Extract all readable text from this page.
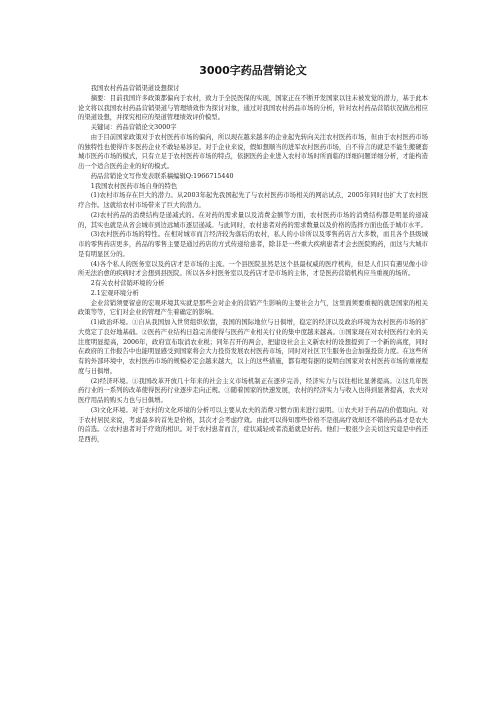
3000字药品营销论文

我国农村药品营销渠道设想探讨

摘要：目前我国许多政策都偏向于农村，致力于全民医保的实现，国家正在不断开发国家以往未被发觉的潜力，基于此本论文将以我国农村药品营销渠道与管理绩效作为探讨对象，通过对我国农村药品市场的分析，针对农村药品营销状况做出相应的渠道设想，并探究相应的渠道管理绩效评价模型。

关键词：药品营销论文3000字

由于目前国家政策对于农村医药市场的偏向，所以现在越来越多的企业起先转向关注农村医药市场，但由于农村医药市场的独特性也使得许多医药企业不敢轻易涉足。对于企业来说，假如想顺当的进军农村医药市场，自不待言的就是不能生搬硬套城市医药市场的模式，只有立足于农村医药市场的特点，依据医药企业进入农村市场时所面临的详细问题详细分析，才能构造出一个适合医药企业的好的模式。

药品营销论文写作发表联系稿编辑Q:1966715440

1我国农村医药市场自身的特色

(1)农村市场存在巨大的潜力。从2003年起先我国起先了与农村医药市场相关的网站试点，2005年同时也扩大了农村医疗合作。这就给农村市场带来了巨大的潜力。

(2)农村药品的消费结构是递减式的。在对药的需求量以及消费金额等方面，农村医药市场的消费结构都是明显的递减的，其实也就是从省会城市到边远城市逐层递减。与此同时，农村患者对药的需求数量以及价格的选择方面也低于城市水平。

(3)农村医药市场的特性。在相对城市而言经济较为落后的农村，私人的小诊所以及零售药店占大多数，而且各个县级城市的零售药店更多，药品的零售主要是通过药店的方式传递给患者，除非是一些重大疾病患者才会去医院购药，而这与大城市是有明显区分的。

(4)各个私人的医务室以及药店才是市场的主流。一个县医院虽然是这个县最权威的医疗机构，但是人们只有遇见像小诊所无法治愈的疾病时才会想到县医院。所以各乡村医务室以及药店才是市场的主体，才是医药营销机构应当重视的场所。

2有关农村营销环境的分析

2.1宏观环境分析

企业营销须要留意的宏观环境其实就是那些会对企业的营销产生影响的主要社会力气，这里面须要重视的就是国家的相关政策等等，它们对企业的管理产生着确定的影响。

(1)政治环境。①自从我国加入世贸组织依靠，我国的国际地位与日俱增，稳定的经济以及政治环境为农村医药市场的扩大奠定了良好地基础。②医药产业结构日趋完善使得与医药产业相关行业的集中度越来越高。③国家现在对农村医药行业的关注度明显提高，2006年，政府宣布取消农业税；同年召开的两会，把建设社会主义新农村的设想提到了一个新的高度，同时在政府的工作报告中也能明显感受到国家将会大力投资发展农村医药市场，同时对社区卫生服务也会加强投资力度。在这些所有的外部环境中，农村医药市场的规模必定会越来越大，以上的这些措施，都有理有据的说明白国家对农村医药市场的重视程度与日俱增。

(2)经济环境。①我国改革开放几十年来的社会主义市场机制正在逐步完善，经济实力与以往相比显著提高。②这几年医药行业的一系列的改革使得医药行业逐步走向正规。③随着国家的快速发展，农村的经济实力与收入也得到显著提高，农夫对医疗用品的购买力也与日俱增。

(3)文化环境。对于农村的文化环境的分析可以主要从农夫的消费习惯方面来进行说明。①农夫对于药品的价值取向。对于农村居民来说，考虑最多的首先是价格，其次才会考虑疗效。由此可以得知那些价格不是很高疗效却还不错的药品才是农夫的首选。②农村患者对于疗效的相识。对于农村患者而言，症状减轻或者消逝就是好药。他们一般很少会关切这究竟是中药还是西药，
